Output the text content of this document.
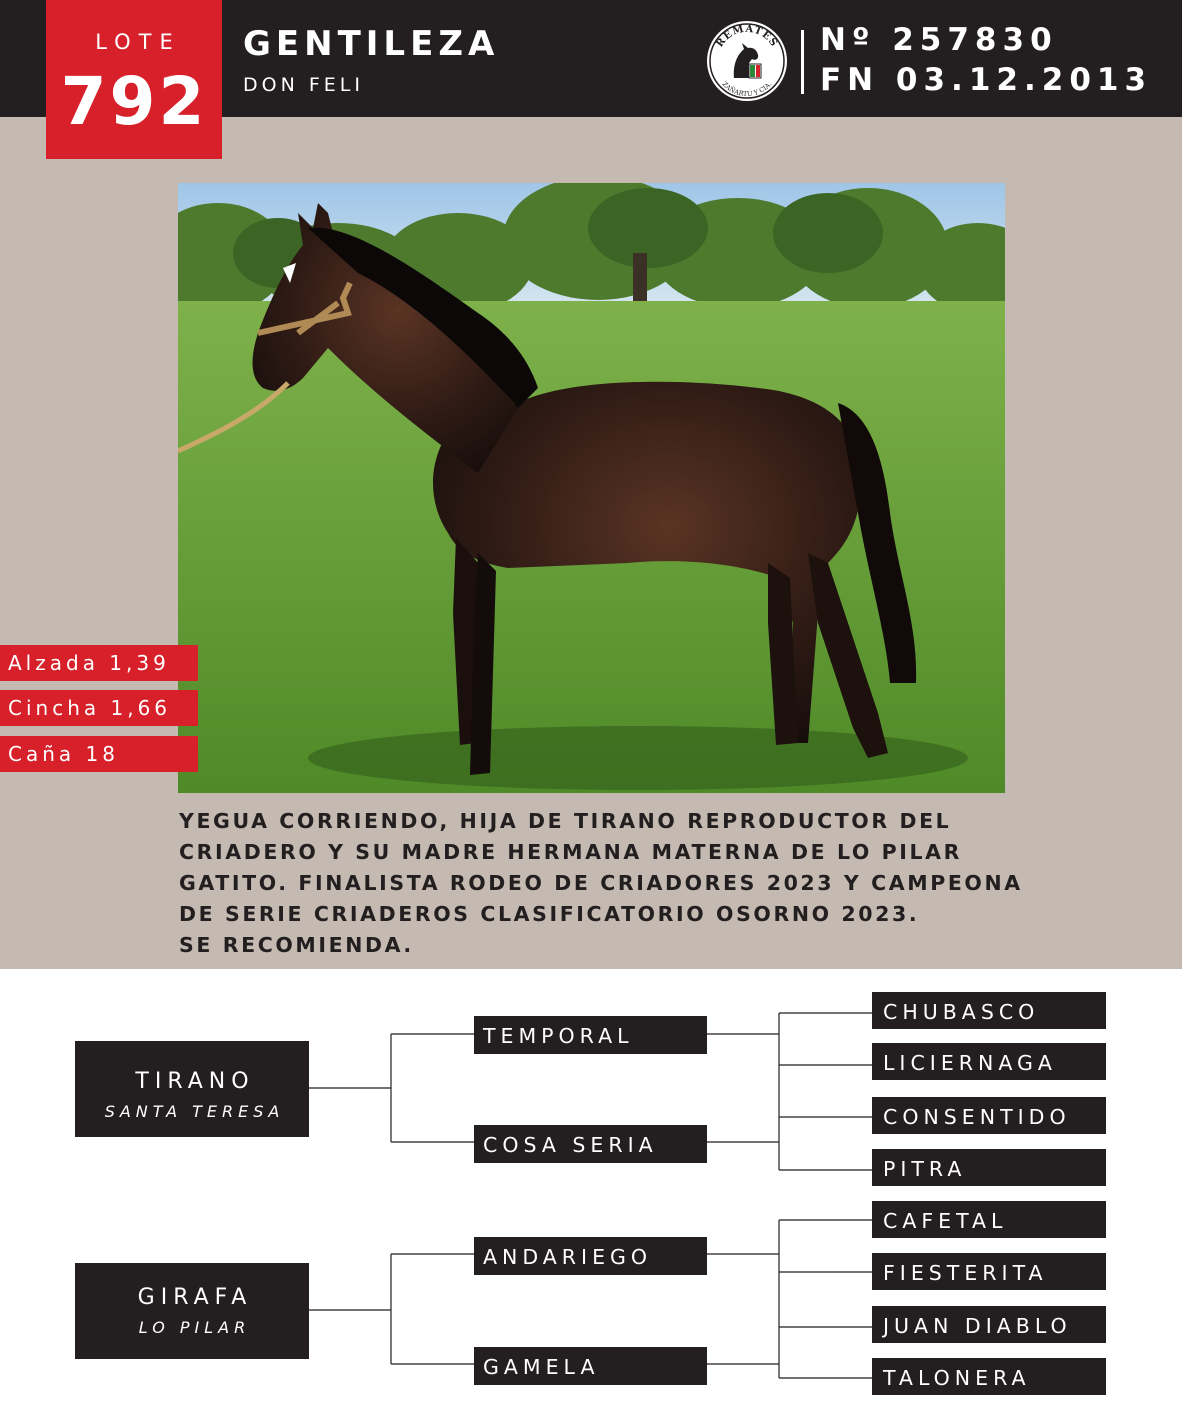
LOTE
792
GENTILEZA
DON FELI
REMATES
ZAÑARTU Y CIA.
Nº 257830
FN 03.12.2013
Alzada 1,39
Cincha 1,66
Caña 18
YEGUA CORRIENDO, HIJA DE TIRANO REPRODUCTOR DEL
CRIADERO Y SU MADRE HERMANA MATERNA DE LO PILAR
GATITO. FINALISTA RODEO DE CRIADORES 2023 Y CAMPEONA
DE SERIE CRIADEROS CLASIFICATORIO OSORNO 2023.
SE RECOMIENDA.
TIRANO
SANTA TERESA
GIRAFA
LO PILAR
TEMPORAL
COSA SERIA
ANDARIEGO
GAMELA
CHUBASCO
LICIERNAGA
CONSENTIDO
PITRA
CAFETAL
FIESTERITA
JUAN DIABLO
TALONERA
